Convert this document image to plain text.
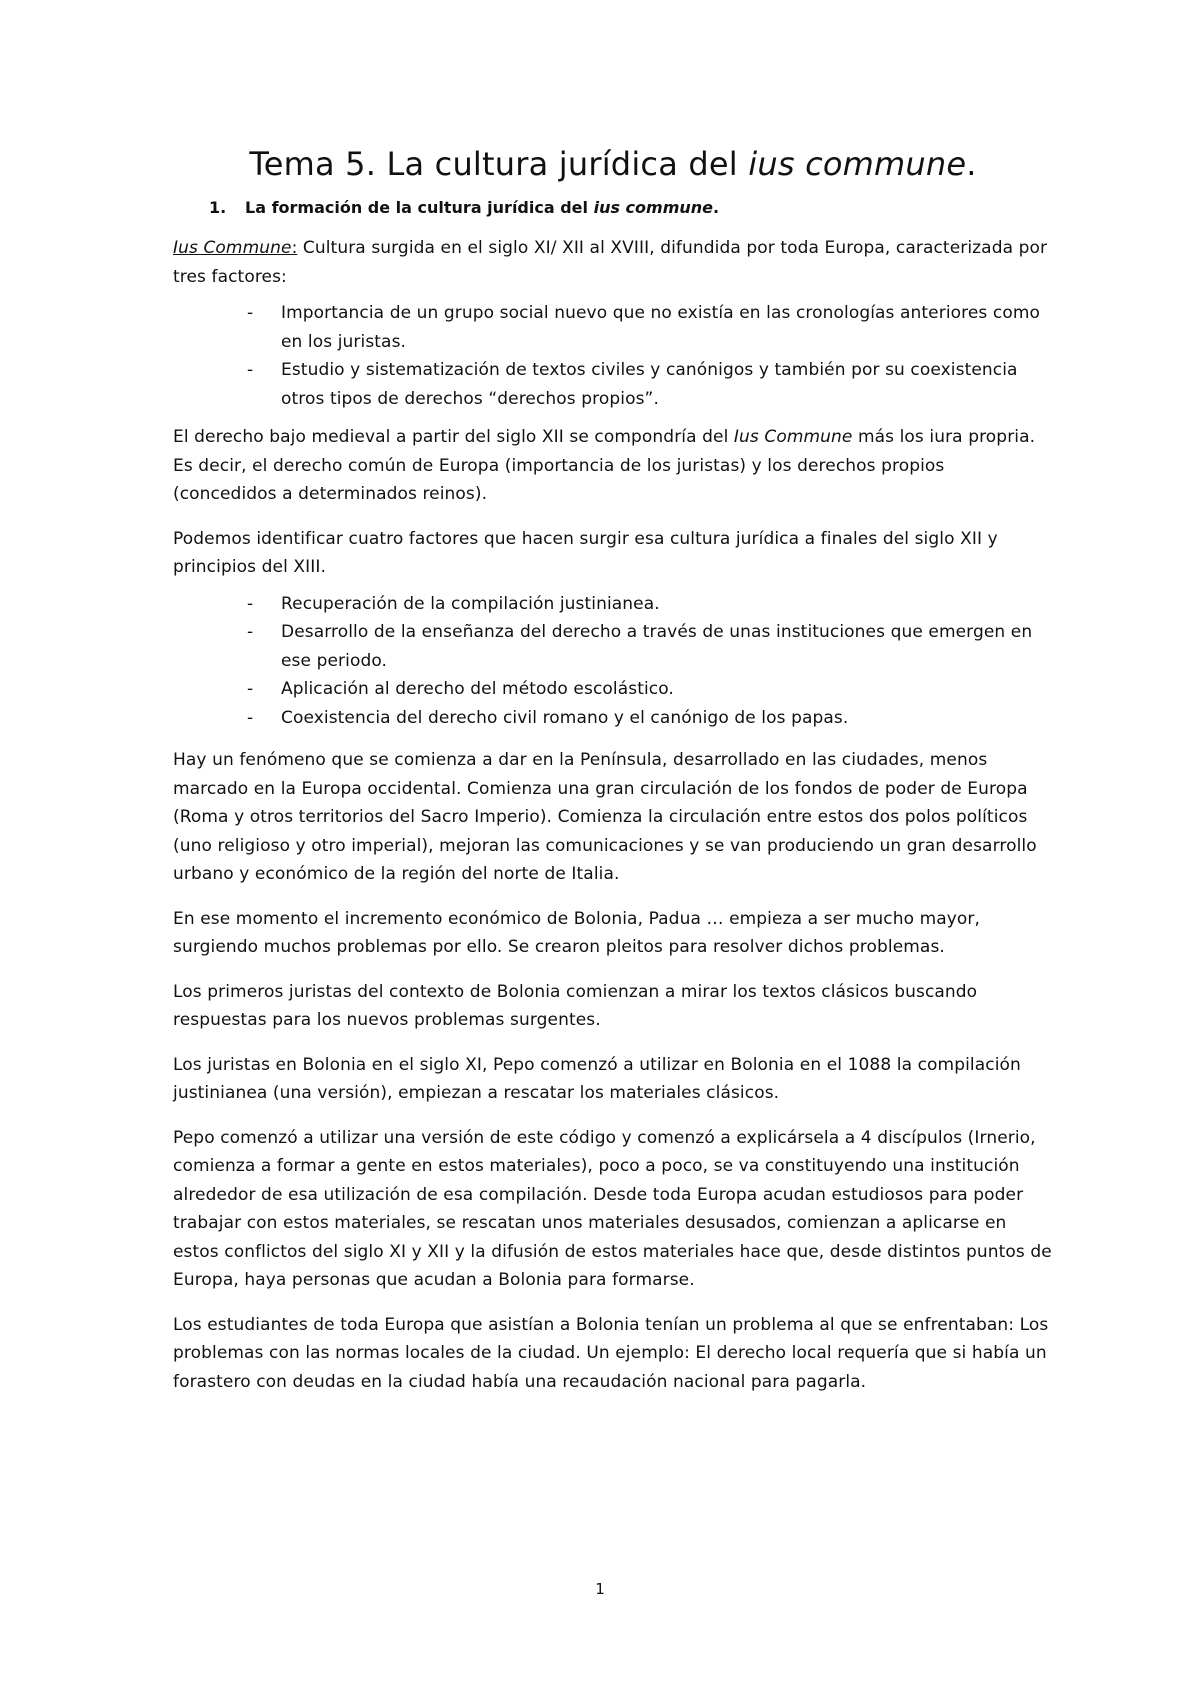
Tema 5. La cultura jurídica del ius commune.
1.	La formación de la cultura jurídica del ius commune.

Ius Commune: Cultura surgida en el siglo XI/ XII al XVIII, difundida por toda Europa, caracterizada por tres factores:

- Importancia de un grupo social nuevo que no existía en las cronologías anteriores como en los juristas.
- Estudio y sistematización de textos civiles y canónigos y también por su coexistencia otros tipos de derechos “derechos propios”.

El derecho bajo medieval a partir del siglo XII se compondría del Ius Commune más los iura propria. Es decir, el derecho común de Europa (importancia de los juristas) y los derechos propios (concedidos a determinados reinos).

Podemos identificar cuatro factores que hacen surgir esa cultura jurídica a finales del siglo XII y principios del XIII.

- Recuperación de la compilación justinianea.
- Desarrollo de la enseñanza del derecho a través de unas instituciones que emergen en ese periodo.
- Aplicación al derecho del método escolástico.
- Coexistencia del derecho civil romano y el canónigo de los papas.

Hay un fenómeno que se comienza a dar en la Península, desarrollado en las ciudades, menos marcado en la Europa occidental. Comienza una gran circulación de los fondos de poder de Europa (Roma y otros territorios del Sacro Imperio). Comienza la circulación entre estos dos polos políticos (uno religioso y otro imperial), mejoran las comunicaciones y se van produciendo un gran desarrollo urbano y económico de la región del norte de Italia.

En ese momento el incremento económico de Bolonia, Padua … empieza a ser mucho mayor, surgiendo muchos problemas por ello. Se crearon pleitos para resolver dichos problemas.

Los primeros juristas del contexto de Bolonia comienzan a mirar los textos clásicos buscando respuestas para los nuevos problemas surgentes.

Los juristas en Bolonia en el siglo XI, Pepo comenzó a utilizar en Bolonia en el 1088 la compilación justinianea (una versión), empiezan a rescatar los materiales clásicos.

Pepo comenzó a utilizar una versión de este código y comenzó a explicársela a 4 discípulos (Irnerio, comienza a formar a gente en estos materiales), poco a poco, se va constituyendo una institución alrededor de esa utilización de esa compilación. Desde toda Europa acudan estudiosos para poder trabajar con estos materiales, se rescatan unos materiales desusados, comienzan a aplicarse en estos conflictos del siglo XI y XII y la difusión de estos materiales hace que, desde distintos puntos de Europa, haya personas que acudan a Bolonia para formarse.

Los estudiantes de toda Europa que asistían a Bolonia tenían un problema al que se enfrentaban: Los problemas con las normas locales de la ciudad. Un ejemplo: El derecho local requería que si había un forastero con deudas en la ciudad había una recaudación nacional para pagarla.

1
